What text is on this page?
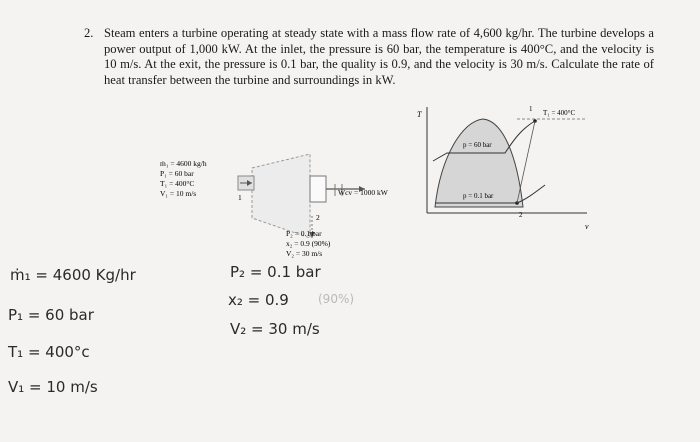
2. Steam enters a turbine operating at steady state with a mass flow rate of 4,600 kg/hr. The turbine develops a power output of 1,000 kW. At the inlet, the pressure is 60 bar, the temperature is 400°C, and the velocity is 10 m/s. At the exit, the pressure is 0.1 bar, the quality is 0.9, and the velocity is 30 m/s. Calculate the rate of heat transfer between the turbine and surroundings in kW.
ṁ₁ = 4600 kg/h
P₁ = 60 bar
T₁ = 400°C
V₁ = 10 m/s	1
Ẇcv = 1000 kW
2
P₂ = 0.1 bar
x₂ = 0.9 (90%)
V₂ = 30 m/s
T
v
T₁ = 400°C
p = 60 bar
p = 0.1 bar
1
2
ṁ₁ = 4600 Kg/hr
P₁ = 60 bar
T₁ = 400°c
V₁ = 10 m/s
P₂ = 0.1 bar
x₂ = 0.9 (90%)
V₂ = 30 m/s
